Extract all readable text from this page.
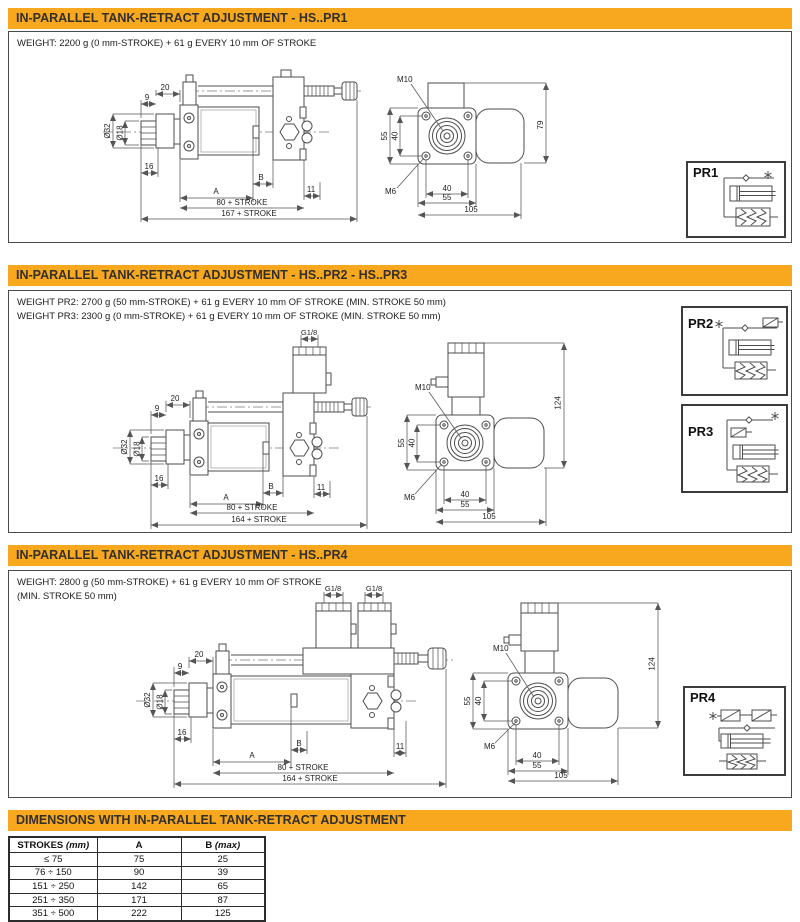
IN-PARALLEL TANK-RETRACT ADJUSTMENT - HS..PR1
WEIGHT: 2200 g (0 mm-STROKE) + 61 g EVERY 10 mm OF STROKE
20
9
Ø32 Ø18
16
A
B
11
80 + STROKE
167 + STROKE
55 40
79
M10
M6	40
55
105
PR1
IN-PARALLEL TANK-RETRACT ADJUSTMENT - HS..PR2 - HS..PR3
WEIGHT PR2: 2700 g (50 mm-STROKE) + 61 g EVERY 10 mm OF STROKE (MIN. STROKE 50 mm)
WEIGHT PR3: 2300 g (0 mm-STROKE) + 61 g EVERY 10 mm OF STROKE (MIN. STROKE 50 mm)
G1/8
20
9
Ø32 Ø18
16
A
B	11
80 + STROKE
164 + STROKE
124
55 40
M10
M6	40
55
105
PR2
PR3
IN-PARALLEL TANK-RETRACT ADJUSTMENT - HS..PR4
WEIGHT: 2800 g (50 mm-STROKE) + 61 g EVERY 10 mm OF STROKE
(MIN. STROKE 50 mm)
G1/8	G1/8
20
9
Ø32 Ø18
16
A
B	11
80 + STROKE
164 + STROKE
124
55 40
M10
M6
40
55
105
PR4
DIMENSIONS WITH IN-PARALLEL TANK-RETRACT ADJUSTMENT
STROKES (mm)	A	B (max)
≤ 75	75	25
76 ÷ 150	90	39
151 ÷ 250	142	65
251 ÷ 350	171	87
351 ÷ 500	222	125
